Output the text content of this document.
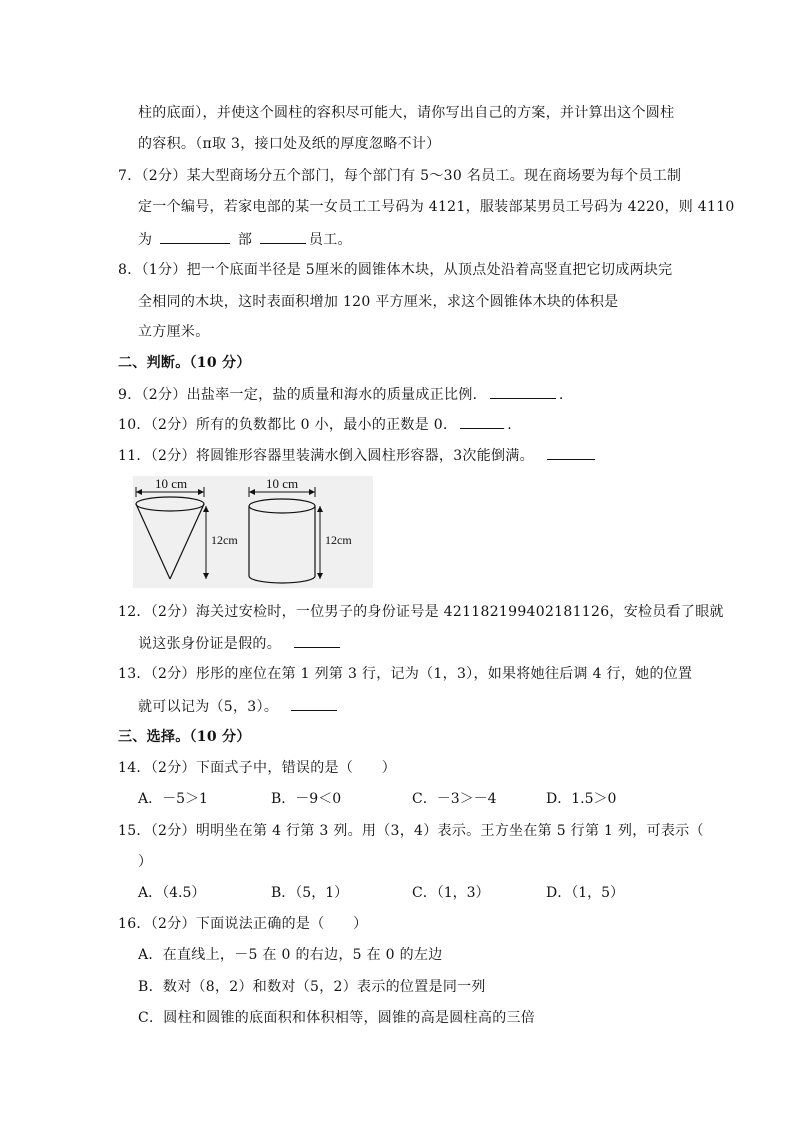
柱的底面），并使这个圆柱的容积尽可能大，请你写出自己的方案，并计算出这个圆柱
的容积。（π取 3，接口处及纸的厚度忽略不计）
7．（2分）某大型商场分五个部门，每个部门有 5～30 名员工。现在商场要为每个员工制
定一个编号，若家电部的某一女员工工号码为 4121，服装部某男员工号码为 4220，则 4110
为	部	员工。
8．（1分）把一个底面半径是 5厘米的圆锥体木块，从顶点处沿着高竖直把它切成两块完
全相同的木块，这时表面积增加 120 平方厘米，求这个圆锥体木块的体积是
立方厘米。
二、判断。（10 分）
9．（2分）出盐率一定，盐的质量和海水的质量成正比例．	.
10．（2分）所有的负数都比 0 小，最小的正数是 0．	.
11．（2分）将圆锥形容器里装满水倒入圆柱形容器，3次能倒满。
10 cm
12cm
10 cm
12cm
12．（2分）海关过安检时，一位男子的身份证号是 421182199402181126，安检员看了眼就
说这张身份证是假的。
13．（2分）彤彤的座位在第 1 列第 3 行，记为（1，3），如果将她往后调 4 行，她的位置
就可以记为（5，3）。
三、选择。（10 分）
14．（2分）下面式子中，错误的是（　　）
A．－5＞1	B．－9＜0	C．－3＞－4	D．1.5＞0
15．（2分）明明坐在第 4 行第 3 列。用（3，4）表示。王方坐在第 5 行第 1 列，可表示（
）
A．（4.5）	B．（5，1）	C．（1，3）	D．（1，5）
16．（2分）下面说法正确的是（　　）
A．在直线上，－5 在 0 的右边，5 在 0 的左边
B．数对（8，2）和数对（5，2）表示的位置是同一列
C．圆柱和圆锥的底面积和体积相等，圆锥的高是圆柱高的三倍
